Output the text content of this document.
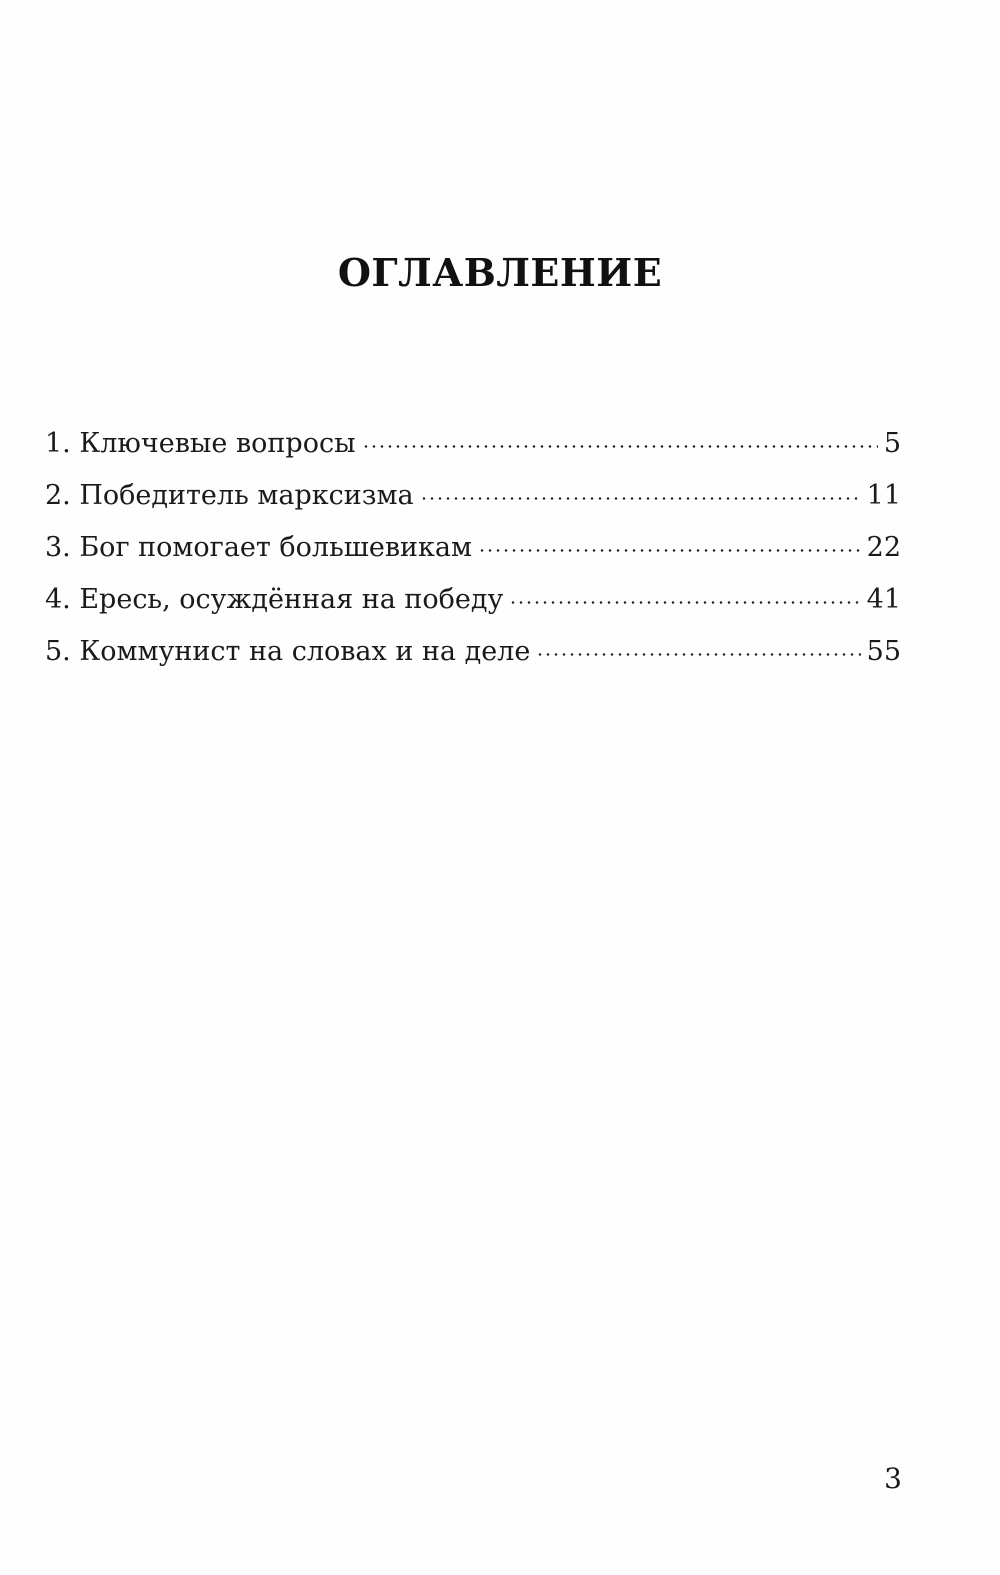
ОГЛАВЛЕНИЕ
1. Ключевые вопросы	5
2. Победитель марксизма	11
3. Бог помогает большевикам	22
4. Ересь, осуждённая на победу	41
5. Коммунист на словах и на деле	55
3
